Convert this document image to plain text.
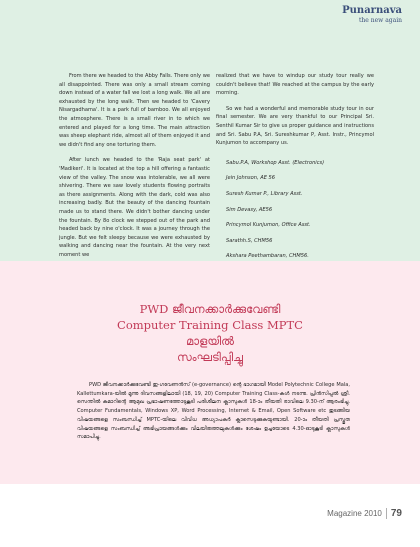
Punarnava
the new again

From there we headed to the Abby Falls. There only we all disappointed. There was only a small stream coming down instead of a water fall we lost a long walk. We all are exhausted by the long walk. Then we headed to 'Cavery Nisargadhama'. It is a park full of bamboo. We all enjoyed the atmosphere. There is a small river in to which we entered and played for a long time. The main attraction was sheep elephant ride, almost all of them enjoyed it and we didn't find any one torturing them.

After lunch we headed to the 'Raja seat park' at 'Madikeri'. It is located at the top a hill offering a fantastic view of the valley. The snow was intolerable, we all were shivering. There we saw lovely students flowing portraits as there assignments. Along with the dark, cold was also increasing badly. But the beauty of the dancing fountain made us to stand there. We didn't bother dancing under the fountain. By 8o clock we stepped out of the park and headed back by nine o'clock. It was a journey through the jungle. But we felt sleepy because we were exhausted by walking and dancing near the fountain. At the very next moment we

realized that we have to windup our study tour really we couldn't believe that! We reached at the campus by the early morning.

So we had a wonderful and memorable study tour in our final semester. We are very thankful to our Principal Sri. Senthil Kumar Sir to give us proper guidance and instructions and Sri. Sabu P.A, Sri. Sureshkumar P, Asst. Instr., Princymol Kunjumon to accompany us.

Sabu.P.A, Workshop Asst. (Electronics)

Jein Johnson, AE 56

Suresh Kumar P., Library Asst.

Sim Devasy, AE56

Princymol Kunjumon, Office Asst.

Sarathh.S, CHM56

Akshara Peethambaran, CHM56.

PWD ജീവനക്കാർക്കുവേണ്ടി
Computer Training Class MPTC മാളയിൽ
സംഘടിപ്പിച്ചു
PWD ജീവനക്കാർക്കുവേണ്ടി ഇ-ഗവേണൻസ് (e-governance) ന്റെ ഭാഗമായി Model Polytechnic College Mala, Kallettumkara-യിൽ മൂന്നു ദിവസങ്ങളിലായി (18, 19, 20) Computer Training Class-കൾ നടന്നു. പ്രിൻസിപ്പൽ ശ്രീ. സെന്തിൽ കുമാറിന്റെ ആമുഖ പ്രഭാഷണത്തോടുകൂടി പരിശീലന ക്ലാസുകൾ 18-ാം തീയതി രാവിലെ 9.30-ന് ആരംഭിച്ചു. Computer Fundamentals, Windows XP, Word Processing, Internet & Email, Open Software etc തുടങ്ങിയ വിഷയങ്ങളെ സംബന്ധിച്ച് MPTC-യിലെ വിവിധ അധ്യാപകർ ക്ലാസെടുക്കുകയുണ്ടായി. 20-ാം തീയതി പ്രസ്തുത വിഷയങ്ങളെ സംബന്ധിച്ച് അഭിപ്രായങ്ങൾക്കും വിലയിരുത്തലുകൾക്കും ശേഷം ഉച്ചയോടെ 4.30-ഓടുകൂടി ക്ലാസുകൾ സമാപിച്ചു.
Magazine 2010 79
